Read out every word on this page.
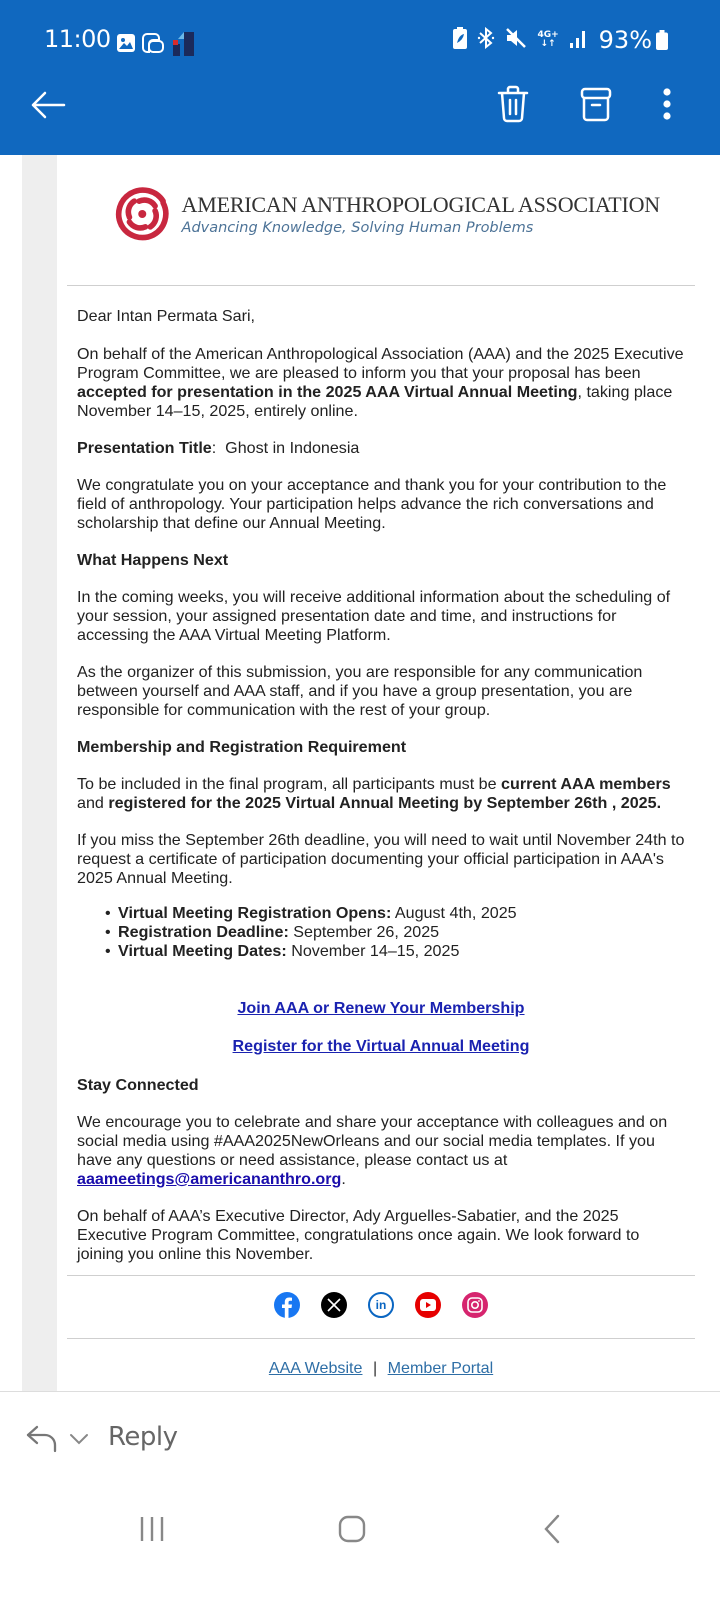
11:00	4G+
↓↑ 93%
AMERICAN ANTHROPOLOGICAL ASSOCIATION
Advancing Knowledge, Solving Human Problems

Dear Intan Permata Sari,

On behalf of the American Anthropological Association (AAA) and the 2025 Executive Program Committee, we are pleased to inform you that your proposal has been accepted for presentation in the 2025 AAA Virtual Annual Meeting, taking place November 14–15, 2025, entirely online.

Presentation Title:  Ghost in Indonesia

We congratulate you on your acceptance and thank you for your contribution to the field of anthropology. Your participation helps advance the rich conversations and scholarship that define our Annual Meeting.

What Happens Next

In the coming weeks, you will receive additional information about the scheduling of your session, your assigned presentation date and time, and instructions for accessing the AAA Virtual Meeting Platform.

As the organizer of this submission, you are responsible for any communication between yourself and AAA staff, and if you have a group presentation, you are responsible for communication with the rest of your group.

Membership and Registration Requirement

To be included in the final program, all participants must be current AAA members and registered for the 2025 Virtual Annual Meeting by September 26th , 2025.

If you miss the September 26th deadline, you will need to wait until November 24th to request a certificate of participation documenting your official participation in AAA's 2025 Annual Meeting.

• Virtual Meeting Registration Opens: August 4th, 2025
• Registration Deadline: September 26, 2025
• Virtual Meeting Dates: November 14–15, 2025
Join AAA or Renew Your Membership
Register for the Virtual Annual Meeting

Stay Connected

We encourage you to celebrate and share your acceptance with colleagues and on social media using #AAA2025NewOrleans and our social media templates. If you have any questions or need assistance, please contact us at aaameetings@americananthro.org.

On behalf of AAA’s Executive Director, Ady Arguelles-Sabatier, and the 2025 Executive Program Committee, congratulations once again. We look forward to joining you online this November.

in
AAA Website | Member Portal
Reply
